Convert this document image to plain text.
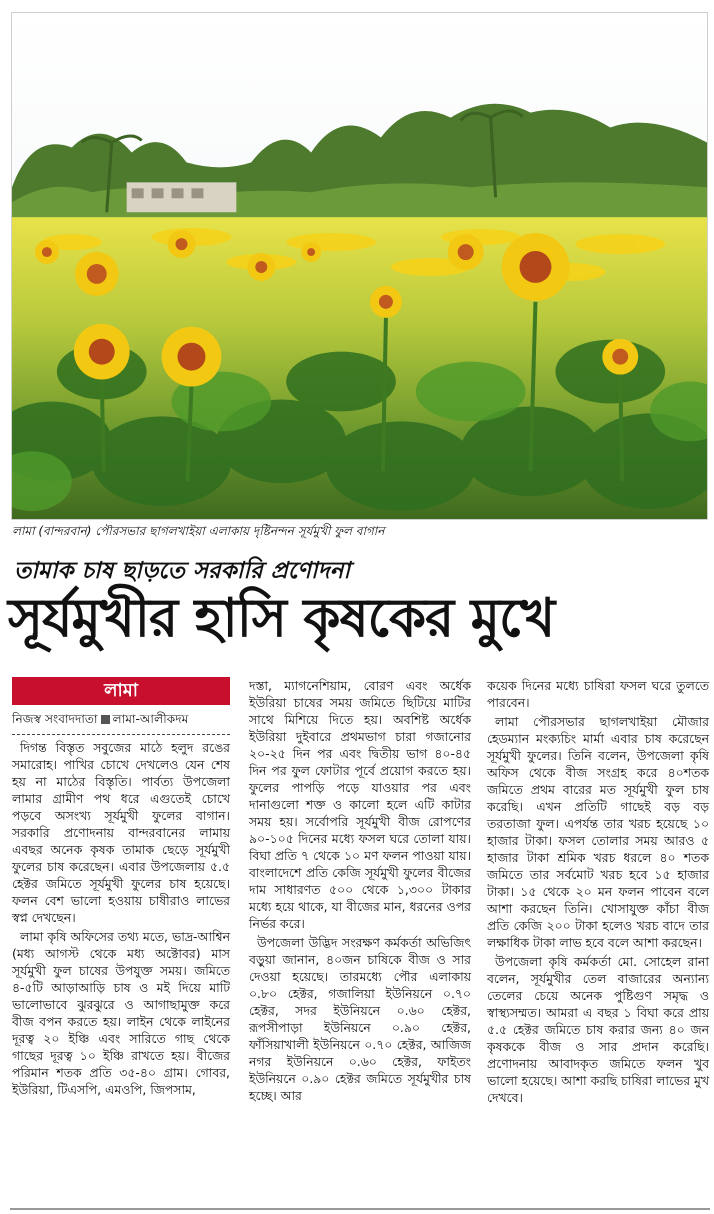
লামা (বান্দরবান) পৌরসভার ছাগলখাইয়া এলাকায় দৃষ্টিনন্দন সূর্যমুখী ফুল বাগান
তামাক চাষ ছাড়তে সরকারি প্রণোদনা
সূর্যমুখীর হাসি কৃষকের মুখে
লামা
নিজস্ব সংবাদদাতা লামা-আলীকদম

দিগন্ত বিস্তৃত সবুজের মাঠে হলুদ রঙের সমারোহ। পাখির চোখে দেখলেও যেন শেষ হয় না মাঠের বিস্তৃতি। পার্বত্য উপজেলা লামার গ্রামীণ পথ ধরে এগুতেই চোখে পড়বে অসংখ্য সূর্যমুখী ফুলের বাগান। সরকারি প্রণোদনায় বান্দরবানের লামায় এবছর অনেক কৃষক তামাক ছেড়ে সূর্যমুখী ফুলের চাষ করেছেন। এবার উপজেলায় ৫.৫ হেক্টর জমিতে সূর্যমুখী ফুলের চাষ হয়েছে। ফলন বেশ ভালো হওয়ায় চাষীরাও লাভের স্বপ্ন দেখছেন।

লামা কৃষি অফিসের তথ্য মতে, ভাদ্র-আশ্বিন (মধ্য আগস্ট থেকে মধ্য অক্টোবর) মাস সূর্যমুখী ফুল চাষের উপযুক্ত সময়। জমিতে ৪-৫টি আড়াআড়ি চাষ ও মই দিয়ে মাটি ভালোভাবে ঝুরঝুরে ও আগাছামুক্ত করে বীজ বপন করতে হয়। লাইন থেকে লাইনের দূরত্ব ২০ ইঞ্চি এবং সারিতে গাছ থেকে গাছের দূরত্ব ১০ ইঞ্চি রাখতে হয়। বীজের পরিমান শতক প্রতি ৩৫-৪০ গ্রাম। গোবর, ইউরিয়া, টিএসপি, এমওপি, জিপসাম,

দস্তা, ম্যাগনেশিয়াম, বোরণ এবং অর্ধেক ইউরিয়া চাষের সময় জমিতে ছিটিয়ে মাটির সাথে মিশিয়ে দিতে হয়। অবশিষ্ট অর্ধেক ইউরিয়া দুইবারে প্রথমভাগ চারা গজানোর ২০-২৫ দিন পর এবং দ্বিতীয় ভাগ ৪০-৪৫ দিন পর ফুল ফোটার পূর্বে প্রয়োগ করতে হয়। ফুলের পাপড়ি পড়ে যাওয়ার পর এবং দানাগুলো শক্ত ও কালো হলে এটি কাটার সময় হয়। সর্বোপরি সূর্যমুখী বীজ রোপণের ৯০-১০৫ দিনের মধ্যে ফসল ঘরে তোলা যায়। বিঘা প্রতি ৭ থেকে ১০ মণ ফলন পাওয়া যায়। বাংলাদেশে প্রতি কেজি সূর্যমুখী ফুলের বীজের দাম সাধারণত ৫০০ থেকে ১,৩০০ টাকার মধ্যে হয়ে থাকে, যা বীজের মান, ধরনের ওপর নির্ভর করে।

উপজেলা উদ্ভিদ সংরক্ষণ কর্মকর্তা অভিজিৎ বড়ুয়া জানান, ৪০জন চাষিকে বীজ ও সার দেওয়া হয়েছে। তারমধ্যে পৌর এলাকায় ০.৮০ হেক্টর, গজালিয়া ইউনিয়নে ০.৭০ হেক্টর, সদর ইউনিয়নে ০.৬০ হেক্টর, রূপসীপাড়া ইউনিয়নে ০.৯০ হেক্টর, ফাঁসিয়াখালী ইউনিয়নে ০.৭০ হেক্টর, আজিজ নগর ইউনিয়নে ০.৬০ হেক্টর, ফাইতং ইউনিয়নে ০.৯০ হেক্টর জমিতে সূর্যমুখীর চাষ হচ্ছে। আর

কয়েক দিনের মধ্যে চাষিরা ফসল ঘরে তুলতে পারবেন।

লামা পৌরসভার ছাগলখাইয়া মৌজার হেডম্যান মংক্যচিং মার্মা এবার চাষ করেছেন সূর্যমুখী ফুলের। তিনি বলেন, উপজেলা কৃষি অফিস থেকে বীজ সংগ্রহ করে ৪০শতক জমিতে প্রথম বারের মত সূর্যমুখী ফুল চাষ করেছি। এখন প্রতিটি গাছেই বড় বড় তরতাজা ফুল। এপর্যন্ত তার খরচ হয়েছে ১০ হাজার টাকা। ফসল তোলার সময় আরও ৫ হাজার টাকা শ্রমিক খরচ ধরলে ৪০ শতক জমিতে তার সর্বমোট খরচ হবে ১৫ হাজার টাকা। ১৫ থেকে ২০ মন ফলন পাবেন বলে আশা করছেন তিনি। খোসাযুক্ত কাঁচা বীজ প্রতি কেজি ২০০ টাকা হলেও খরচ বাদে তার লক্ষাধিক টাকা লাভ হবে বলে আশা করছেন।

উপজেলা কৃষি কর্মকর্তা মো. সোহেল রানা বলেন, সূর্যমুখীর তেল বাজারের অন্যান্য তেলের চেয়ে অনেক পুষ্টিগুণ সমৃদ্ধ ও স্বাস্থ্যসম্মত। আমরা এ বছর ১ বিঘা করে প্রায় ৫.৫ হেক্টর জমিতে চাষ করার জন্য ৪০ জন কৃষককে বীজ ও সার প্রদান করেছি। প্রণোদনায় আবাদকৃত জমিতে ফলন খুব ভালো হয়েছে। আশা করছি চাষিরা লাভের মুখ দেখবে।
